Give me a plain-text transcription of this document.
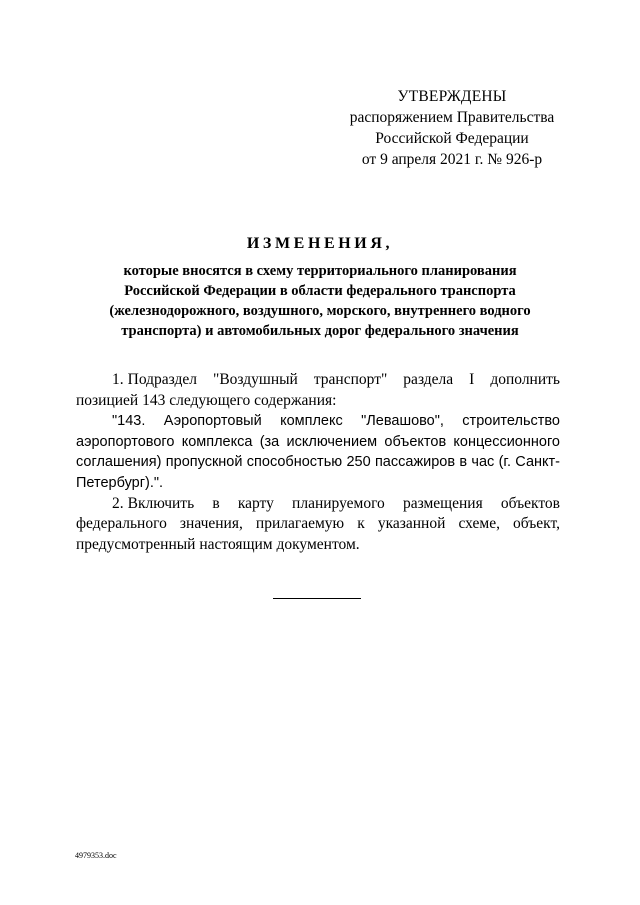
УТВЕРЖДЕНЫ
распоряжением Правительства
Российской Федерации
от 9 апреля 2021 г. № 926-р
ИЗМЕНЕНИЯ,
которые вносятся в схему территориального планирования
Российской Федерации в области федерального транспорта
(железнодорожного, воздушного, морского, внутреннего водного
транспорта) и автомобильных дорог федерального значения

1. Подраздел "Воздушный транспорт" раздела I дополнить позицией 143 следующего содержания:

"143. Аэропортовый комплекс "Левашово", строительство аэропортового комплекса (за исключением объектов концессионного соглашения) пропускной способностью 250 пассажиров в час (г. Санкт-Петербург).".

2. Включить в карту планируемого размещения объектов федерального значения, прилагаемую к указанной схеме, объект, предусмотренный настоящим документом.

4979353.doc
